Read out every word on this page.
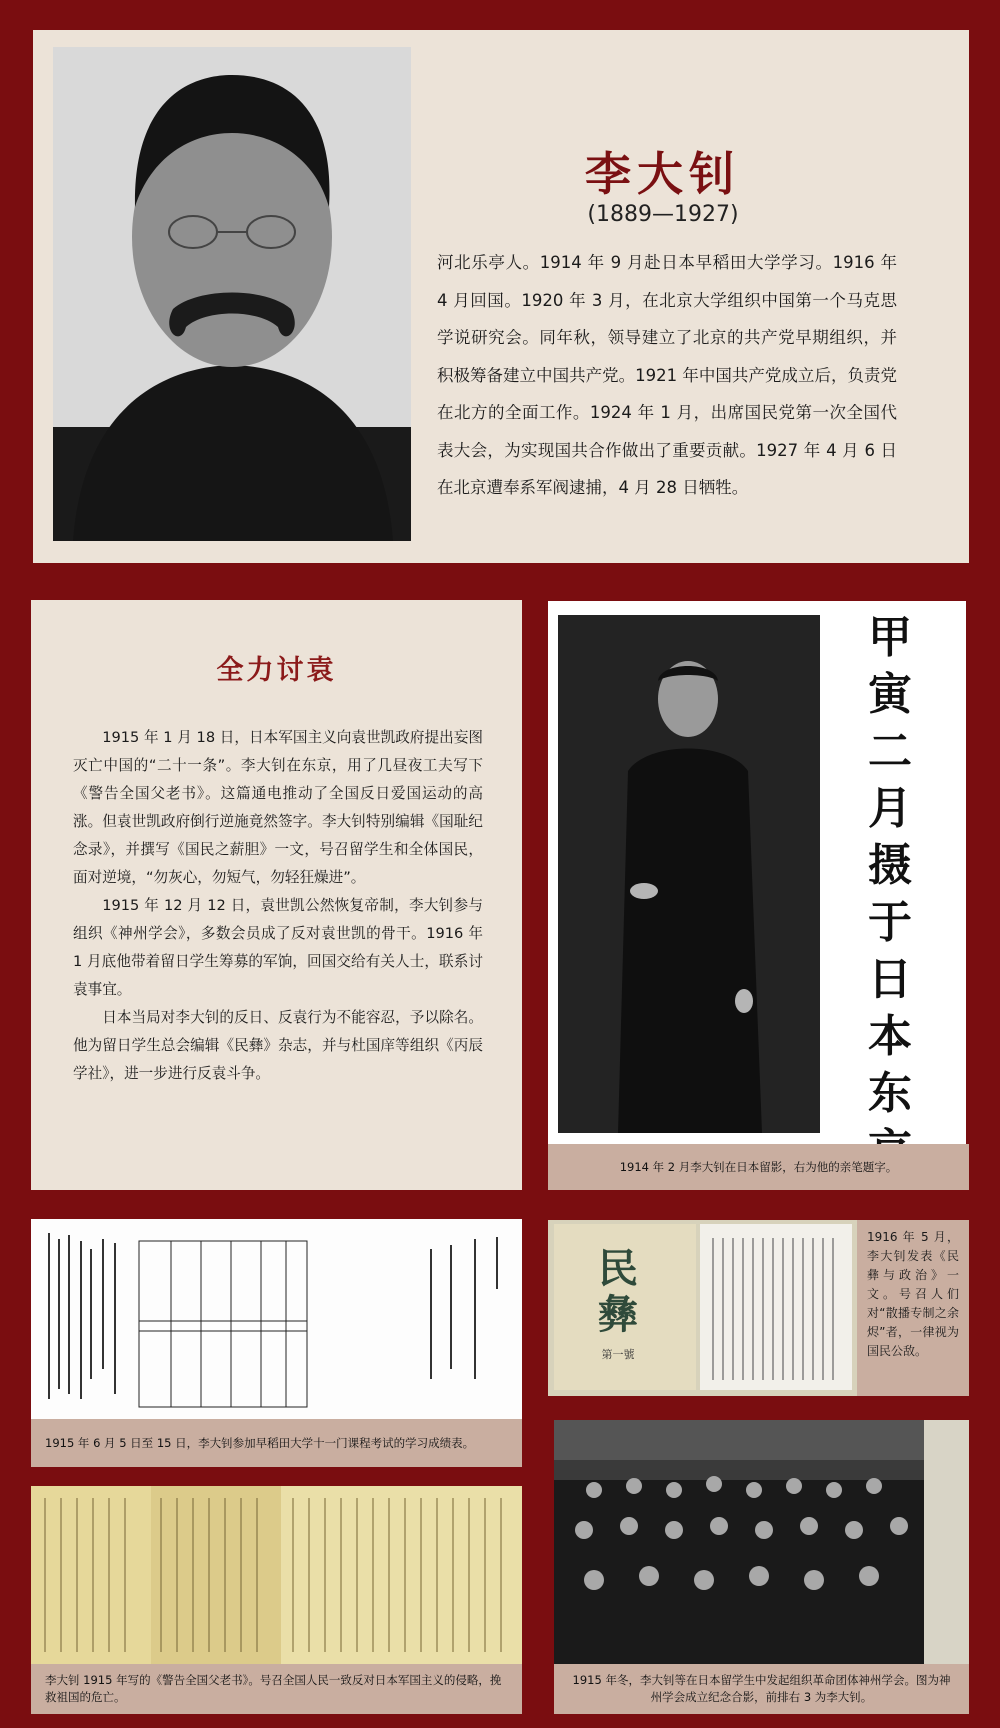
李大钊
(1889—1927)

河北乐亭人。1914 年 9 月赴日本早稻田大学学习。1916 年 4 月回国。1920 年 3 月，在北京大学组织中国第一个马克思学说研究会。同年秋，领导建立了北京的共产党早期组织，并积极筹备建立中国共产党。1921 年中国共产党成立后，负责党在北方的全面工作。1924 年 1 月，出席国民党第一次全国代表大会，为实现国共合作做出了重要贡献。1927 年 4 月 6 日在北京遭奉系军阀逮捕，4 月 28 日牺牲。

全力讨袁

1915 年 1 月 18 日，日本军国主义向袁世凯政府提出妄图灭亡中国的“二十一条”。李大钊在东京，用了几昼夜工夫写下《警告全国父老书》。这篇通电推动了全国反日爱国运动的高涨。但袁世凯政府倒行逆施竟然签字。李大钊特别编辑《国耻纪念录》，并撰写《国民之薪胆》一文，号召留学生和全体国民，面对逆境，“勿灰心，勿短气，勿轻狂燥进”。

1915 年 12 月 12 日，袁世凯公然恢复帝制，李大钊参与组织《神州学会》，多数会员成了反对袁世凯的骨干。1916 年 1 月底他带着留日学生筹募的军饷，回国交给有关人士，联系讨袁事宜。

日本当局对李大钊的反日、反袁行为不能容忍，予以除名。他为留日学生总会编辑《民彝》杂志，并与杜国庠等组织《丙辰学社》，进一步进行反袁斗争。

甲寅二月摄于日本东
1914 年 2 月李大钊在日本留影，右为他的亲笔题字。
1915 年 6 月 5 日至 15 日，李大钊参加早稻田大学十一门课程考试的学习成绩表。
民彝
第一號
1916 年 5 月，李大钊发表《民彝与政治》一文。号召人们对“散播专制之余烬”者，一律视为国民公敌。
李大钊 1915 年写的《警告全国父老书》。号召全国人民一致反对日本军国主义的侵略，挽救祖国的危亡。
1915 年冬，李大钊等在日本留学生中发起组织革命团体神州学会。图为神州学会成立纪念合影，前排右 3 为李大钊。
